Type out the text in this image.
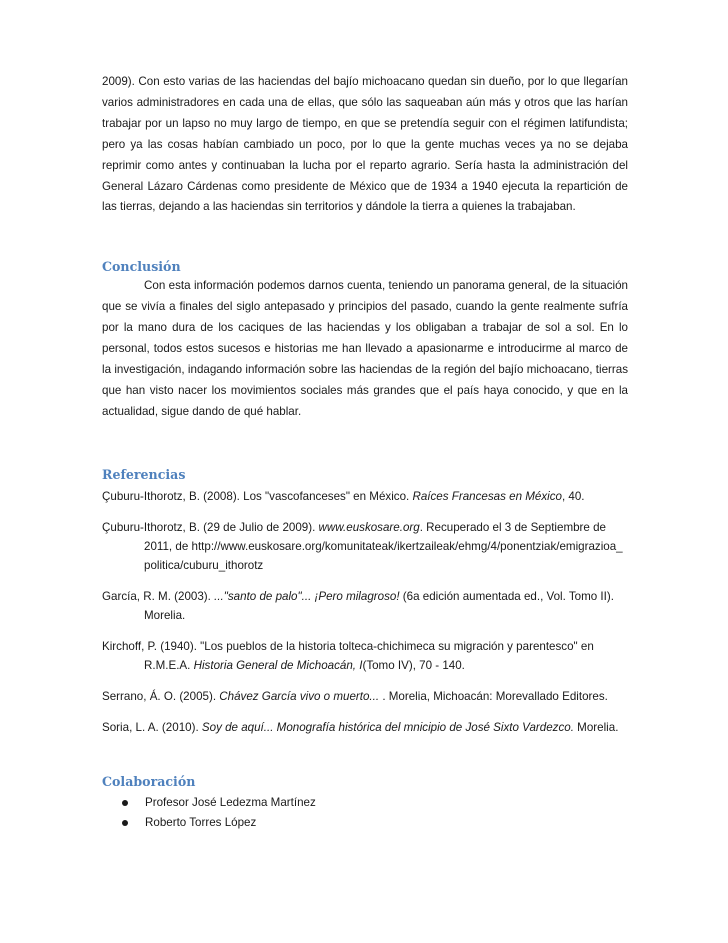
2009). Con esto varias de las haciendas del bajío michoacano quedan sin dueño, por lo que llegarían varios administradores en cada una de ellas, que sólo las saqueaban aún más y otros que las harían trabajar por un lapso no muy largo de tiempo, en que se pretendía seguir con el régimen latifundista; pero ya las cosas habían cambiado un poco, por lo que la gente muchas veces ya no se dejaba reprimir como antes y continuaban la lucha por el reparto agrario. Sería hasta la administración del General Lázaro Cárdenas como presidente de México que de 1934 a 1940 ejecuta la repartición de las tierras, dejando a las haciendas sin territorios y dándole la tierra a quienes la trabajaban.

Conclusión

Con esta información podemos darnos cuenta, teniendo un panorama general, de la situación que se vivía a finales del siglo antepasado y principios del pasado, cuando la gente realmente sufría por la mano dura de los caciques de las haciendas y los obligaban a trabajar de sol a sol. En lo personal, todos estos sucesos e historias me han llevado a apasionarme e introducirme al marco de la investigación, indagando información sobre las haciendas de la región del bajío michoacano, tierras que han visto nacer los movimientos sociales más grandes que el país haya conocido, y que en la actualidad, sigue dando de qué hablar.

Referencias

Çuburu-Ithorotz, B. (2008). Los "vascofanceses" en México. Raíces Francesas en México, 40.

Çuburu-Ithorotz, B. (29 de Julio de 2009). www.euskosare.org. Recuperado el 3 de Septiembre de 2011, de http://www.euskosare.org/komunitateak/ikertzaileak/ehmg/4/ponentziak/emigrazioa_politica/cuburu_ithorotz

García, R. M. (2003). ..."santo de palo"... ¡Pero milagroso! (6a edición aumentada ed., Vol. Tomo II). Morelia.

Kirchoff, P. (1940). "Los pueblos de la historia tolteca-chichimeca su migración y parentesco" en R.M.E.A. Historia General de Michoacán, I(Tomo IV), 70 - 140.

Serrano, Á. O. (2005). Chávez García vivo o muerto... . Morelia, Michoacán: Morevallado Editores.

Soria, L. A. (2010). Soy de aquí... Monografía histórica del mnicipio de José Sixto Vardezco. Morelia.

Colaboración
Profesor José Ledezma Martínez
Roberto Torres López
